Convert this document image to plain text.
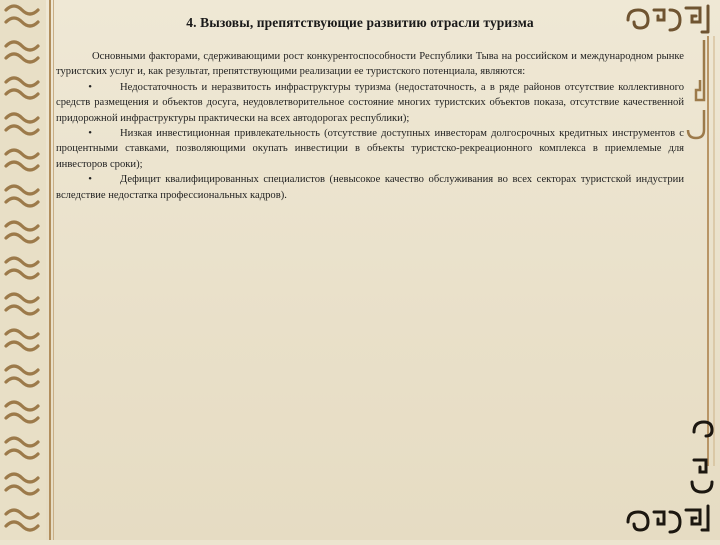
4. Вызовы, препятствующие развитию отрасли туризма

Основными факторами, сдерживающими рост конкурентоспособности Республики Тыва на российском и международном рынке туристских услуг и, как результат, препятствующими реализации ее туристского потенциала, являются:

•	Недостаточность и неразвитость инфраструктуры туризма (недостаточность, а в ряде районов отсутствие коллективного средств размещения и объектов досуга, неудовлетворительное состояние многих туристских объектов показа, отсутствие качественной придорожной инфраструктуры практически на всех автодорогах республики);

•	Низкая инвестиционная привлекательность (отсутствие доступных инвесторам долгосрочных кредитных инструментов с процентными ставками, позволяющими окупать инвестиции в объекты туристско-рекреационного комплекса в приемлемые для инвесторов сроки);

•	Дефицит квалифицированных специалистов (невысокое качество обслуживания во всех секторах туристской индустрии вследствие недостатка профессиональных кадров).
